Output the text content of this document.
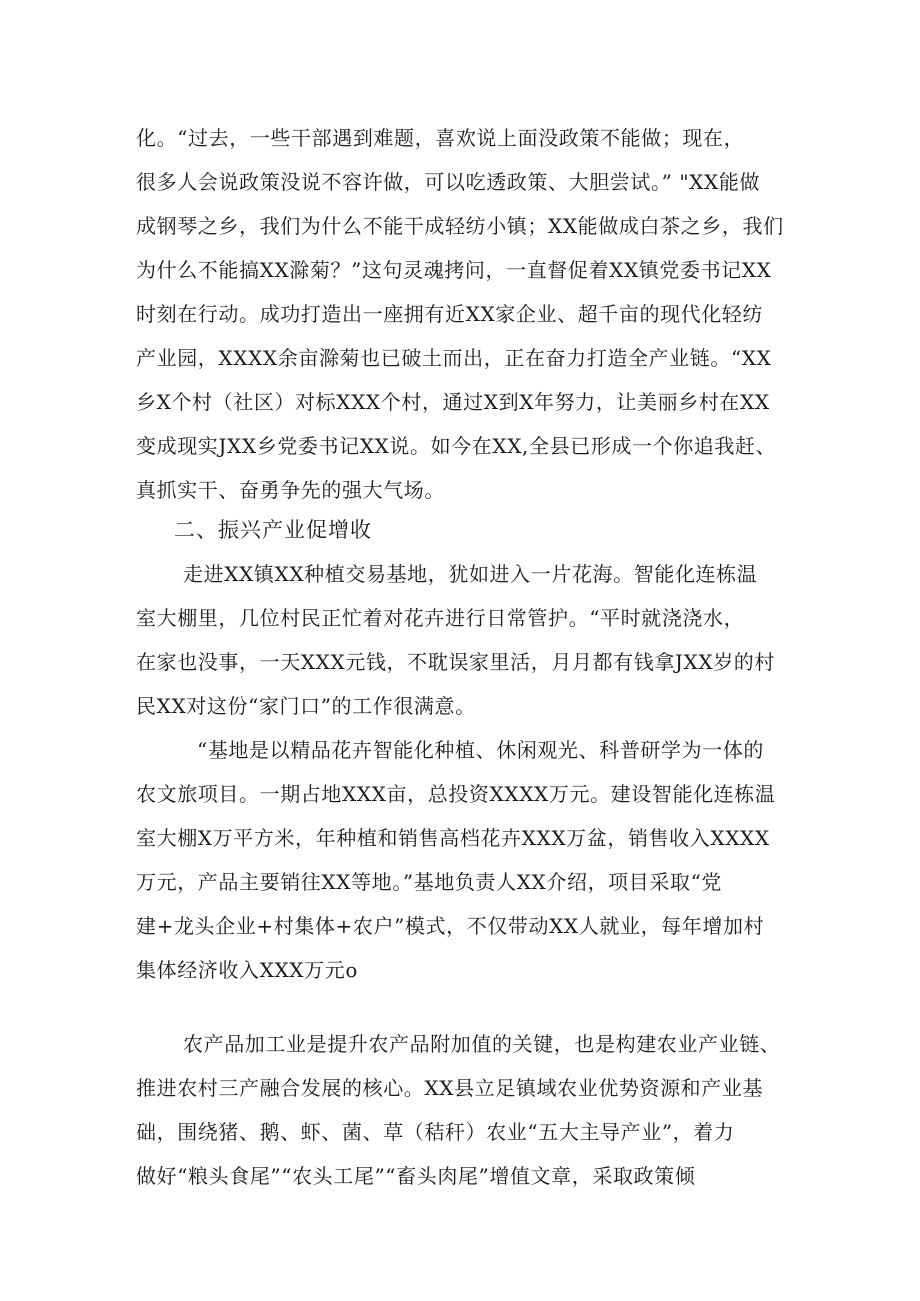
化。“过去，一些干部遇到难题，喜欢说上面没政策不能做；现在，
很多人会说政策没说不容许做，可以吃透政策、大胆尝试。” "XX能做
成钢琴之乡，我们为什么不能干成轻纺小镇；XX能做成白茶之乡，我们
为什么不能搞XX滁菊？”这句灵魂拷问，一直督促着XX镇党委书记XX
时刻在行动。成功打造出一座拥有近XX家企业、超千亩的现代化轻纺
产业园，XXXX余亩滁菊也已破土而出，正在奋力打造全产业链。“XX
乡X个村（社区）对标XXX个村，通过X到X年努力，让美丽乡村在XX
变成现实JXX乡党委书记XX说。如今在XX,全县已形成一个你追我赶、
真抓实干、奋勇争先的强大气场。
二、振兴产业促增收
走进XX镇XX种植交易基地，犹如进入一片花海。智能化连栋温
室大棚里，几位村民正忙着对花卉进行日常管护。“平时就浇浇水，
在家也没事，一天XXX元钱，不耽误家里活，月月都有钱拿JXX岁的村
民XX对这份“家门口”的工作很满意。
“基地是以精品花卉智能化种植、休闲观光、科普研学为一体的
农文旅项目。一期占地XXX亩，总投资XXXX万元。建设智能化连栋温
室大棚X万平方米，年种植和销售高档花卉XXX万盆，销售收入XXXX
万元，产品主要销往XX等地。”基地负责人XX介绍，项目采取“党
建+龙头企业+村集体+农户”模式，不仅带动XX人就业，每年增加村
集体经济收入XXX万元o
农产品加工业是提升农产品附加值的关键，也是构建农业产业链、
推进农村三产融合发展的核心。XX县立足镇域农业优势资源和产业基
础，围绕猪、鹅、虾、菌、草（秸秆）农业“五大主导产业”，着力
做好“粮头食尾”“农头工尾”“畜头肉尾”增值文章，采取政策倾
